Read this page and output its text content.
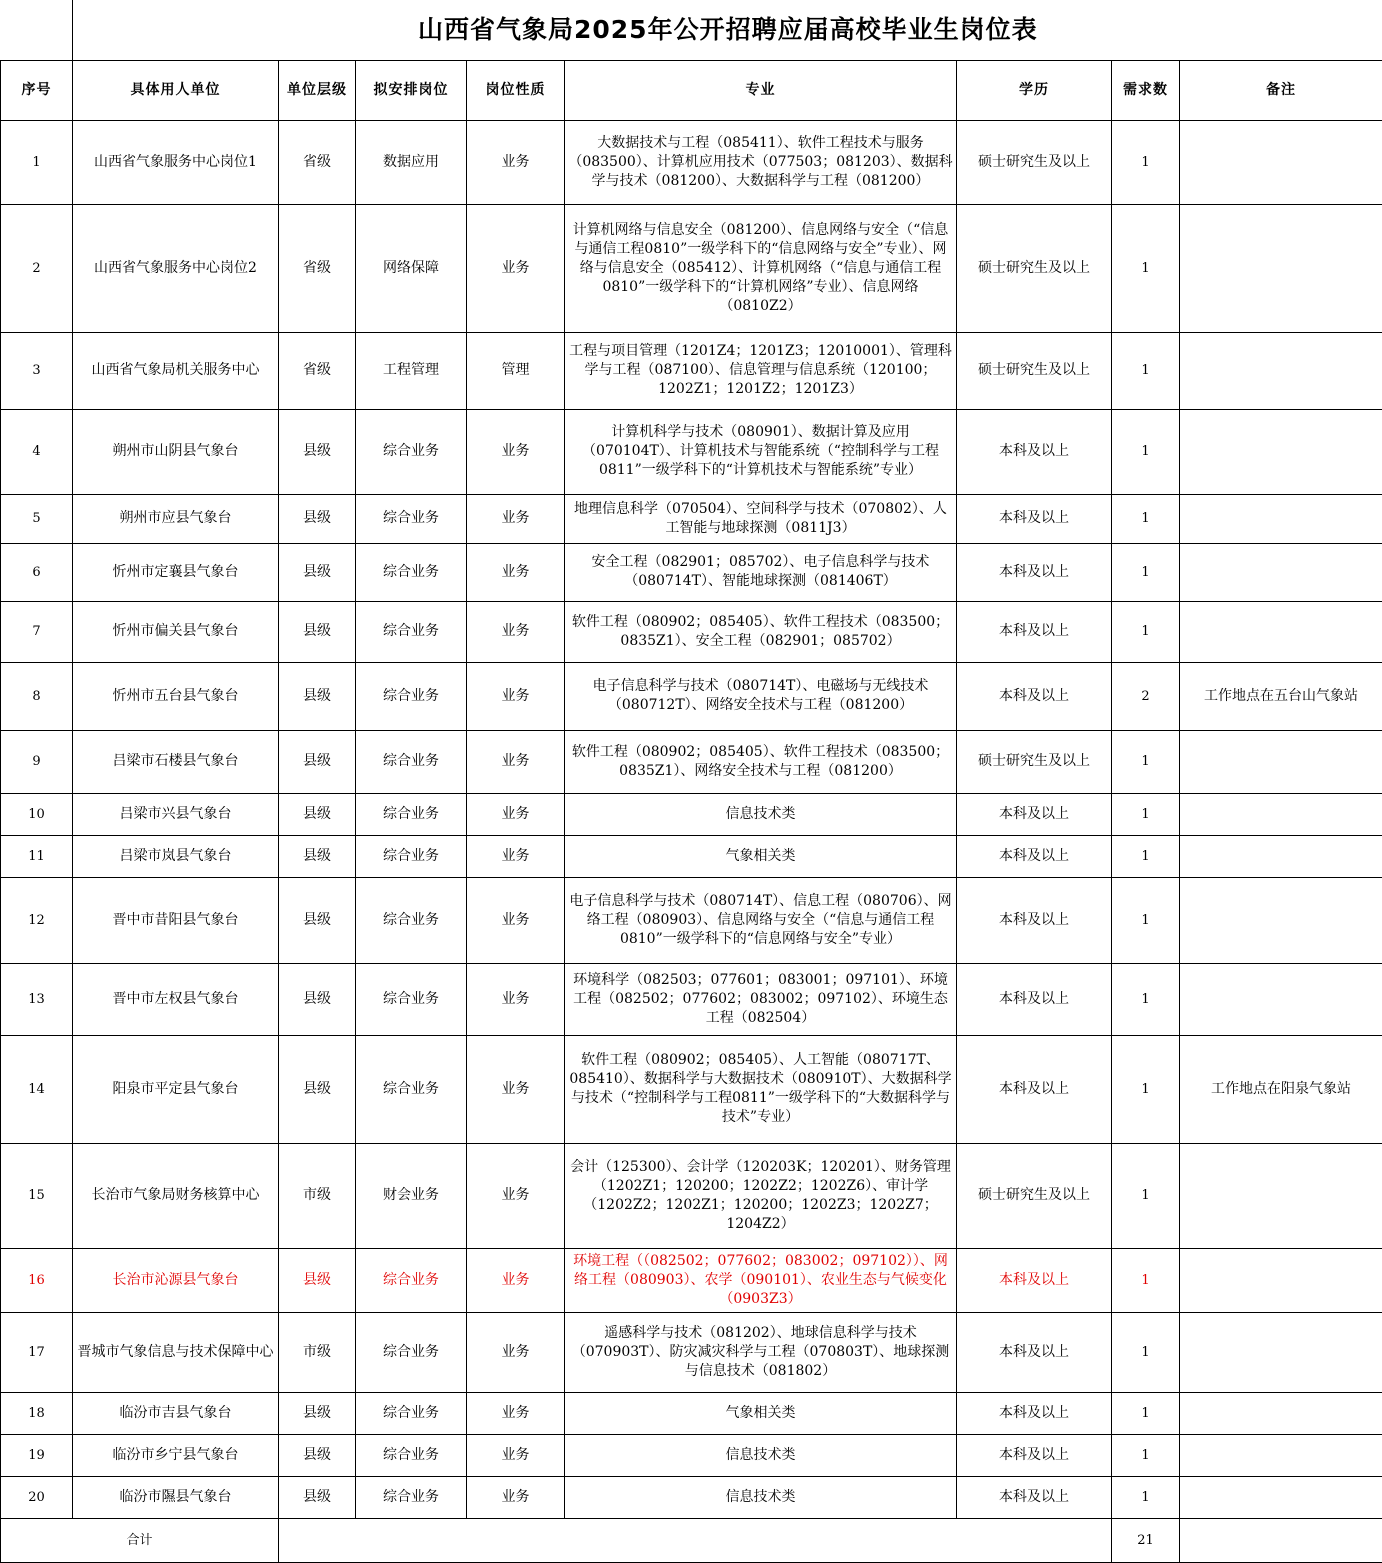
	山西省气象局2025年公开招聘应届高校毕业生岗位表							
序号	具体用人单位	单位层级	拟安排岗位	岗位性质	专业	学历	需求数	备注
1	山西省气象服务中心岗位1	省级	数据应用	业务	大数据技术与工程（085411）、软件工程技术与服务（083500）、计算机应用技术（077503；081203）、数据科学与技术（081200）、大数据科学与工程（081200）	硕士研究生及以上	1	
2	山西省气象服务中心岗位2	省级	网络保障	业务	计算机网络与信息安全（081200）、信息网络与安全（“信息与通信工程0810”一级学科下的“信息网络与安全”专业）、网络与信息安全（085412）、计算机网络（“信息与通信工程0810”一级学科下的“计算机网络”专业）、信息网络（0810Z2）	硕士研究生及以上	1	
3	山西省气象局机关服务中心	省级	工程管理	管理	工程与项目管理（1201Z4；1201Z3；12010001）、管理科学与工程（087100）、信息管理与信息系统（120100；1202Z1；1201Z2；1201Z3）	硕士研究生及以上	1	
4	朔州市山阴县气象台	县级	综合业务	业务	计算机科学与技术（080901）、数据计算及应用（070104T）、计算机技术与智能系统（“控制科学与工程0811”一级学科下的“计算机技术与智能系统”专业）	本科及以上	1	
5	朔州市应县气象台	县级	综合业务	业务	地理信息科学（070504）、空间科学与技术（070802）、人工智能与地球探测（0811J3）	本科及以上	1	
6	忻州市定襄县气象台	县级	综合业务	业务	安全工程（082901；085702）、电子信息科学与技术（080714T）、智能地球探测（081406T）	本科及以上	1	
7	忻州市偏关县气象台	县级	综合业务	业务	软件工程（080902；085405）、软件工程技术（083500；0835Z1）、安全工程（082901；085702）	本科及以上	1	
8	忻州市五台县气象台	县级	综合业务	业务	电子信息科学与技术（080714T）、电磁场与无线技术（080712T）、网络安全技术与工程（081200）	本科及以上	2	工作地点在五台山气象站
9	吕梁市石楼县气象台	县级	综合业务	业务	软件工程（080902；085405）、软件工程技术（083500；0835Z1）、网络安全技术与工程（081200）	硕士研究生及以上	1	
10	吕梁市兴县气象台	县级	综合业务	业务	信息技术类	本科及以上	1	
11	吕梁市岚县气象台	县级	综合业务	业务	气象相关类	本科及以上	1	
12	晋中市昔阳县气象台	县级	综合业务	业务	电子信息科学与技术（080714T）、信息工程（080706）、网络工程（080903）、信息网络与安全（“信息与通信工程0810”一级学科下的“信息网络与安全”专业）	本科及以上	1	
13	晋中市左权县气象台	县级	综合业务	业务	环境科学（082503；077601；083001；097101）、环境工程（082502；077602；083002；097102）、环境生态工程（082504）	本科及以上	1	
14	阳泉市平定县气象台	县级	综合业务	业务	软件工程（080902；085405）、人工智能（080717T、085410）、数据科学与大数据技术（080910T）、大数据科学与技术（“控制科学与工程0811”一级学科下的“大数据科学与技术”专业）	本科及以上	1	工作地点在阳泉气象站
15	长治市气象局财务核算中心	市级	财会业务	业务	会计（125300）、会计学（120203K；120201）、财务管理（1202Z1；120200；1202Z2；1202Z6）、审计学（1202Z2；1202Z1；120200；1202Z3；1202Z7；1204Z2）	硕士研究生及以上	1	
16	长治市沁源县气象台	县级	综合业务	业务	环境工程（（082502；077602；083002；097102））、网络工程（080903）、农学（090101）、农业生态与气候变化（0903Z3）	本科及以上	1	
17	晋城市气象信息与技术保障中心	市级	综合业务	业务	遥感科学与技术（081202）、地球信息科学与技术（070903T）、防灾减灾科学与工程（070803T）、地球探测与信息技术（081802）	本科及以上	1	
18	临汾市吉县气象台	县级	综合业务	业务	气象相关类	本科及以上	1	
19	临汾市乡宁县气象台	县级	综合业务	业务	信息技术类	本科及以上	1	
20	临汾市隰县气象台	县级	综合业务	业务	信息技术类	本科及以上	1	
合计							21	
